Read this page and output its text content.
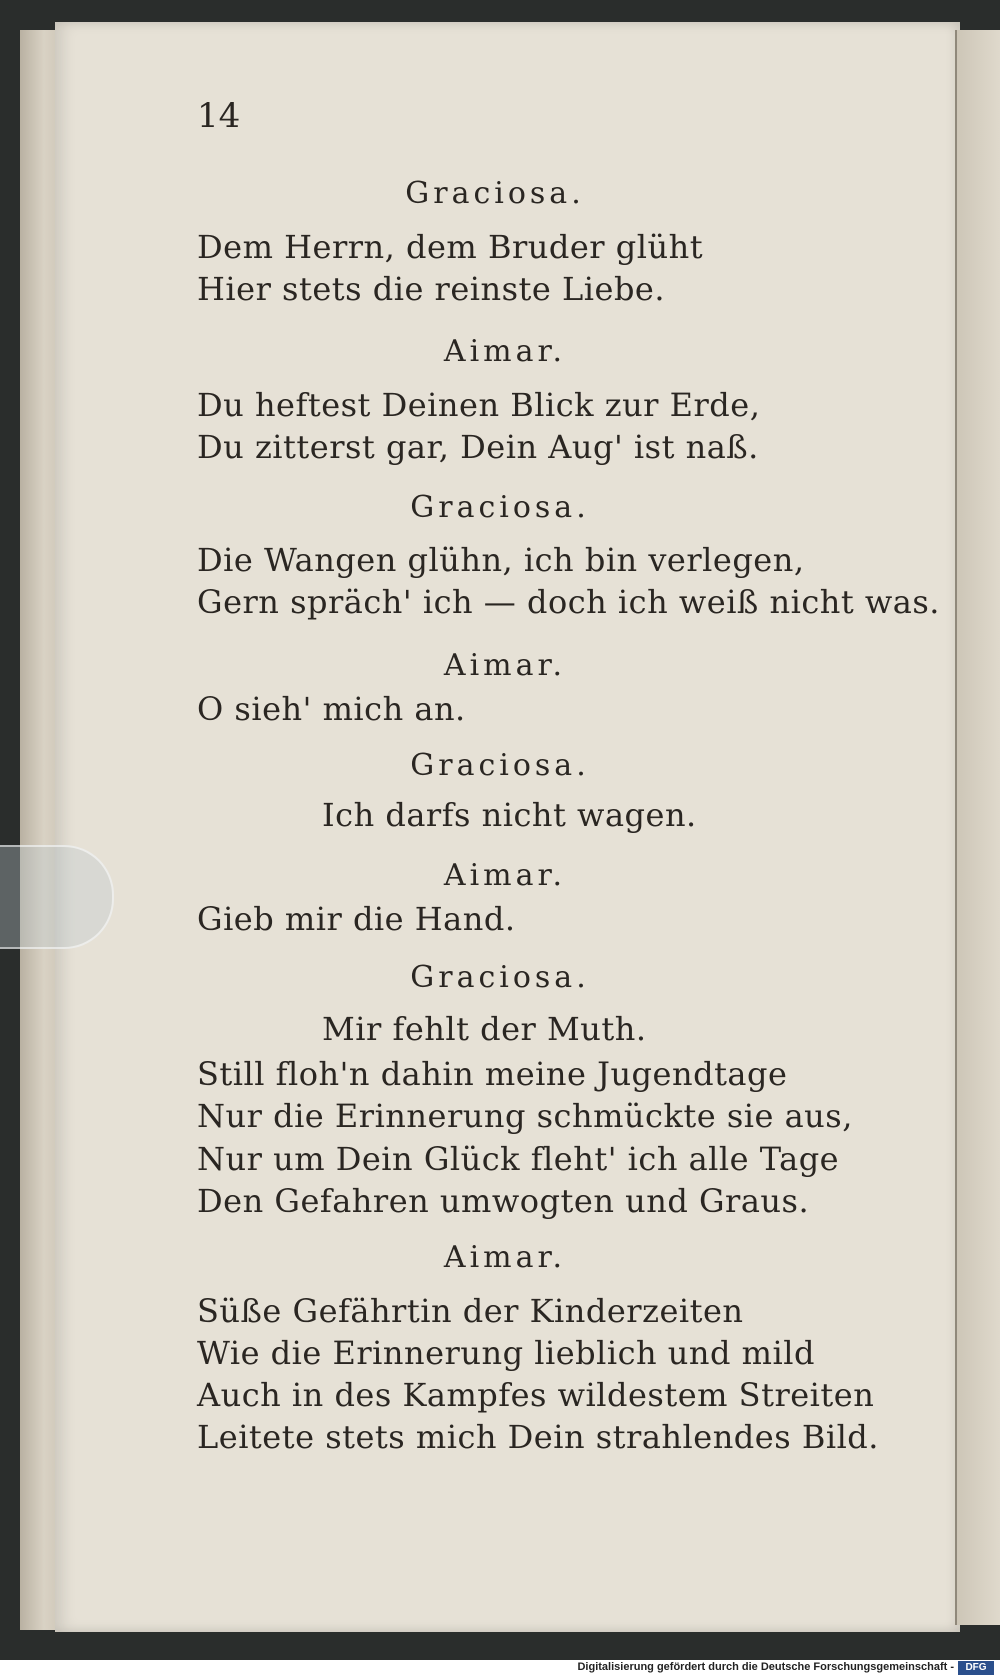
14
Graciosa.
Dem Herrn, dem Bruder glüht
Hier stets die reinste Liebe.
Aimar.
Du heftest Deinen Blick zur Erde,
Du zitterst gar, Dein Aug' ist naß.
Graciosa.
Die Wangen glühn, ich bin verlegen,
Gern spräch' ich — doch ich weiß nicht was.
Aimar.
O sieh' mich an.
Graciosa.
Ich darfs nicht wagen.
Aimar.
Gieb mir die Hand.
Graciosa.
Mir fehlt der Muth.
Still floh'n dahin meine Jugendtage
Nur die Erinnerung schmückte sie aus,
Nur um Dein Glück fleht' ich alle Tage
Den Gefahren umwogten und Graus.
Aimar.
Süße Gefährtin der Kinderzeiten
Wie die Erinnerung lieblich und mild
Auch in des Kampfes wildestem Streiten
Leitete stets mich Dein strahlendes Bild.
Digitalisierung gefördert durch die Deutsche Forschungsgemeinschaft -	DFG
